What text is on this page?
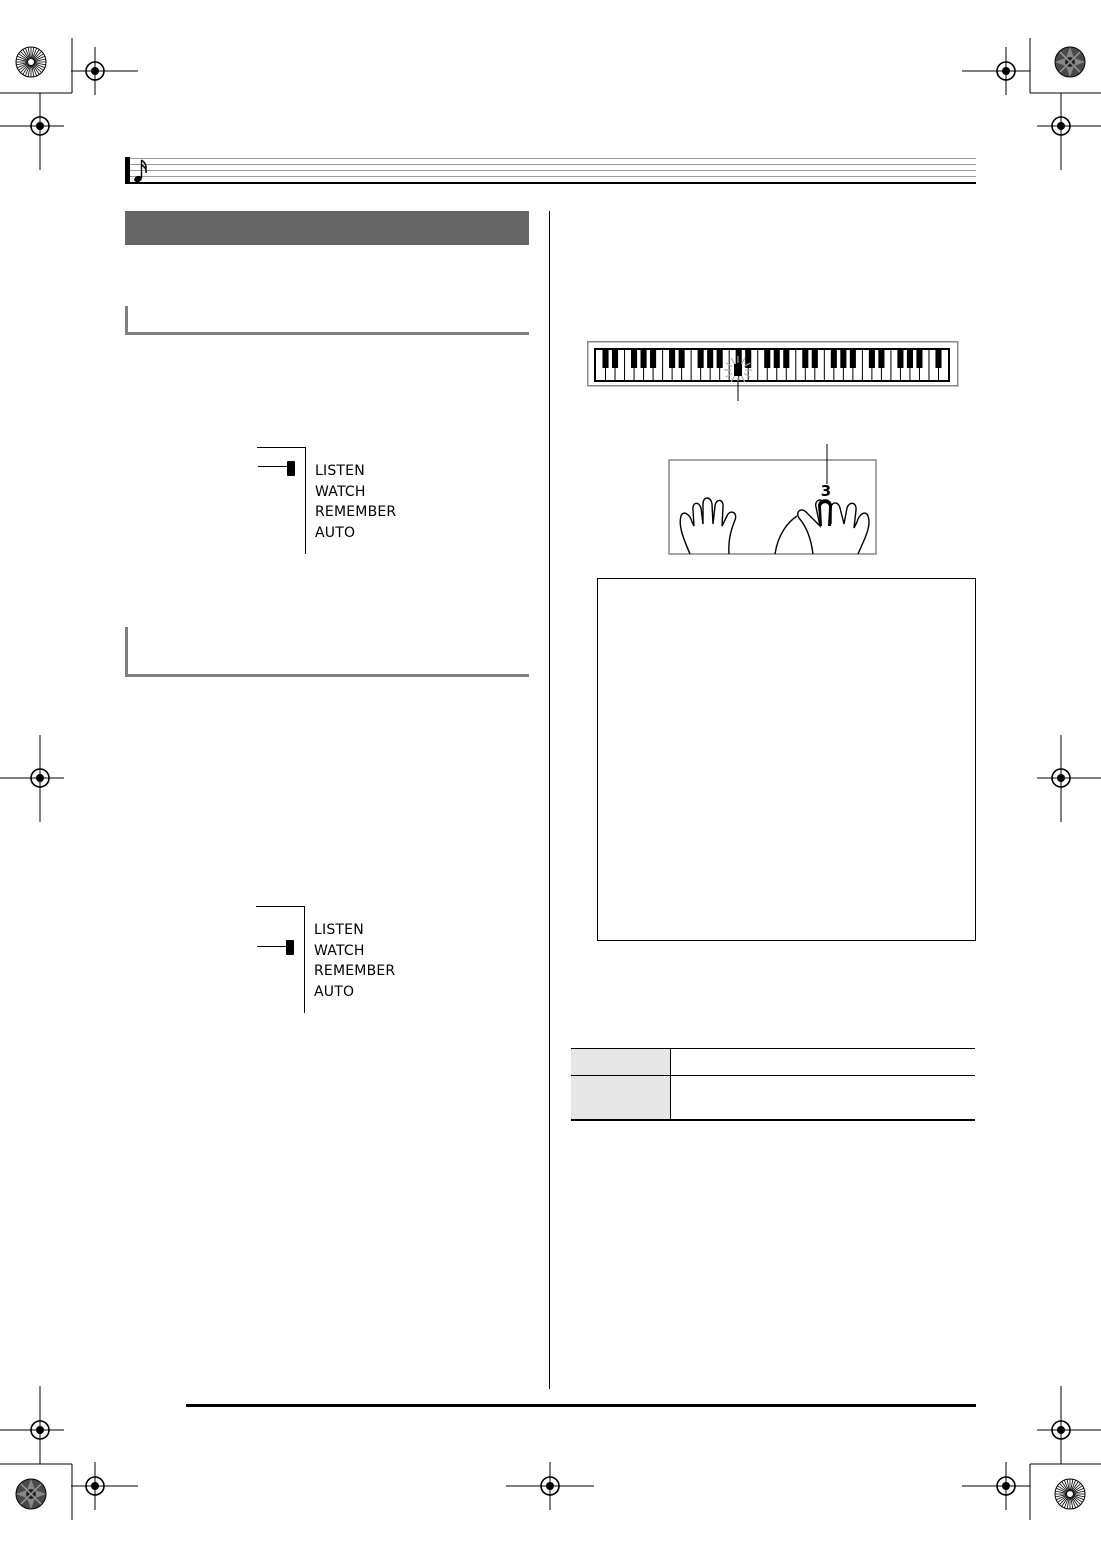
LISTEN
WATCH
REMEMBER
AUTO
LISTEN
WATCH
REMEMBER
AUTO
3
